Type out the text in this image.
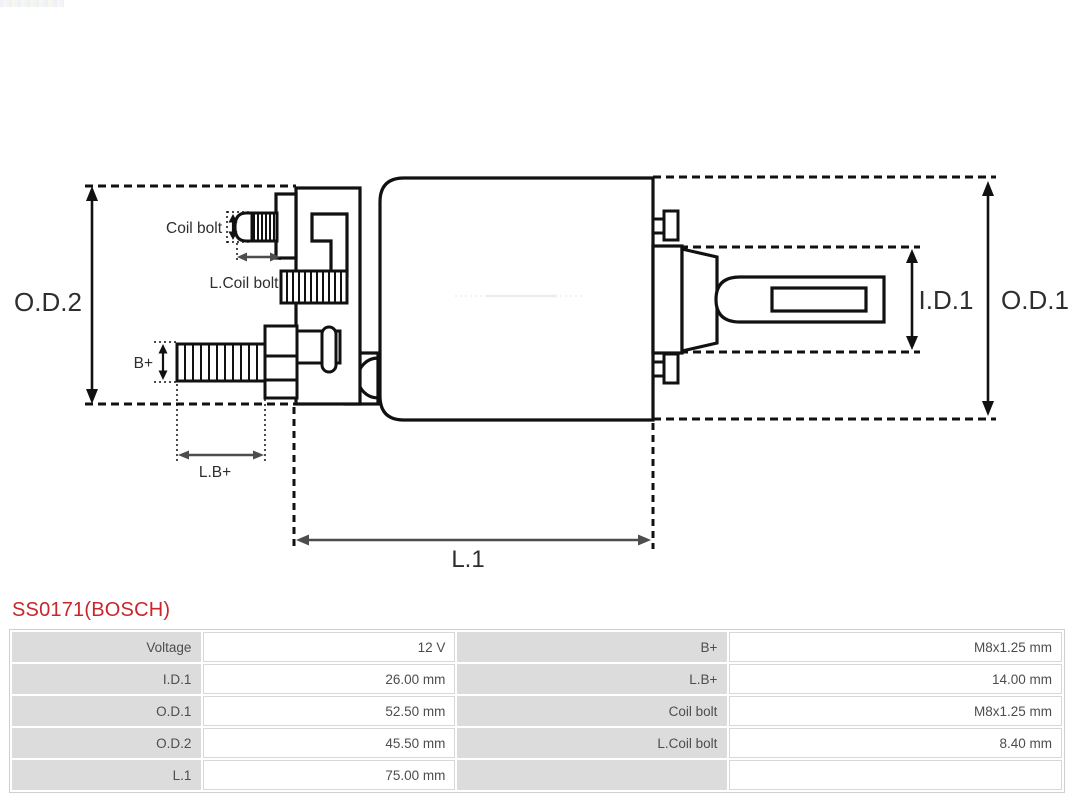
O.D.2	O.D.1
I.D.1
Coil bolt
L.Coil bolt
B+
L.B+
L.1
SS0171(BOSCH)
Voltage	12 V	B+	M8x1.25 mm
I.D.1	26.00 mm	L.B+	14.00 mm
O.D.1	52.50 mm	Coil bolt	M8x1.25 mm
O.D.2	45.50 mm	L.Coil bolt	8.40 mm
L.1	75.00 mm		
